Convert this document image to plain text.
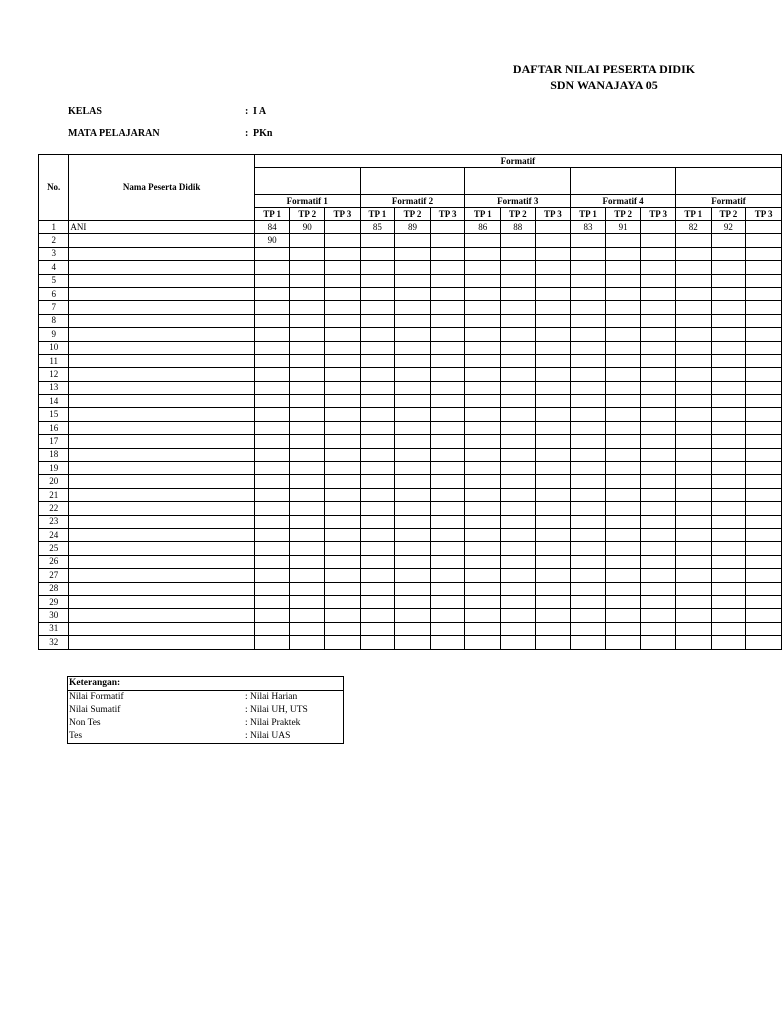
DAFTAR NILAI PESERTA DIDIK
SDN WANAJAYA 05
KELAS	: I A
MATA PELAJARAN	: PKn
No.	Nama Peserta Didik	Formatif														

		Formatif 1			Formatif 2			Formatif 3			Formatif 4			Formatif		
		TP 1	TP 2	TP 3	TP 1	TP 2	TP 3	TP 1	TP 2	TP 3	TP 1	TP 2	TP 3	TP 1	TP 2	TP 3
1	ANI	84	90		85	89		86	88		83	91		82	92	
2		90														
3																
4																
5																
6																
7																
8																
9																
10																
11																
12																
13																
14																
15																
16																
17																
18																
19																
20																
21																
22																
23																
24																
25																
26																
27																
28																
29																
30																
31																
32																
Keterangan:
Nilai Formatif	: Nilai Harian
Nilai Sumatif	: Nilai UH, UTS
Non Tes	: Nilai Praktek
Tes	: Nilai UAS
